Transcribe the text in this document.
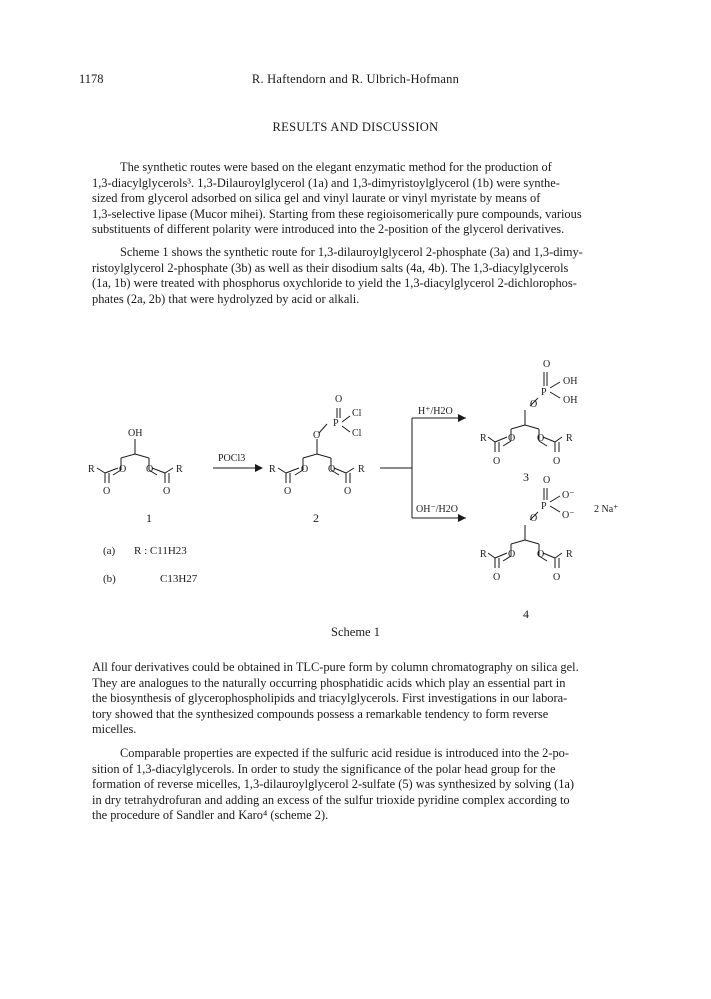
1178	R. Haftendorn and R. Ulbrich-Hofmann
RESULTS AND DISCUSSION

The synthetic routes were based on the elegant enzymatic method for the production of
1,3-diacylglycerols³. 1,3-Dilauroylglycerol (1a) and 1,3-dimyristoylglycerol (1b) were synthe-
sized from glycerol adsorbed on silica gel and vinyl laurate or vinyl myristate by means of
1,3-selective lipase (Mucor mihei). Starting from these regioisomerically pure compounds, various
substituents of different polarity were introduced into the 2-position of the glycerol derivatives.

Scheme 1 shows the synthetic route for 1,3-dilauroylglycerol 2-phosphate (3a) and 1,3-dimy-
ristoylglycerol 2-phosphate (3b) as well as their disodium salts (4a, 4b). The 1,3-diacylglycerols
(1a, 1b) were treated with phosphorus oxychloride to yield the 1,3-diacylglycerol 2-dichlorophos-
phates (2a, 2b) that were hydrolyzed by acid or alkali.

OH
R O O R
O	O
O
P
Cl
Cl
O
R	O O R
O	O
O
P
OH
OH
O
R O O R
O	O
O
P
O⁻
O⁻
O
R O O R
O	O
1	2
3
4
POCl3
H⁺/H2O
OH⁻/H2O	2 Na⁺
(a) R : C11H23
(b)	C13H27
Scheme 1

All four derivatives could be obtained in TLC-pure form by column chromatography on silica gel.
They are analogues to the naturally occurring phosphatidic acids which play an essential part in
the biosynthesis of glycerophospholipids and triacylglycerols. First investigations in our labora-
tory showed that the synthesized compounds possess a remarkable tendency to form reverse
micelles.

Comparable properties are expected if the sulfuric acid residue is introduced into the 2-po-
sition of 1,3-diacylglycerols. In order to study the significance of the polar head group for the
formation of reverse micelles, 1,3-dilauroylglycerol 2-sulfate (5) was synthesized by solving (1a)
in dry tetrahydrofuran and adding an excess of the sulfur trioxide pyridine complex according to
the procedure of Sandler and Karo⁴ (scheme 2).
